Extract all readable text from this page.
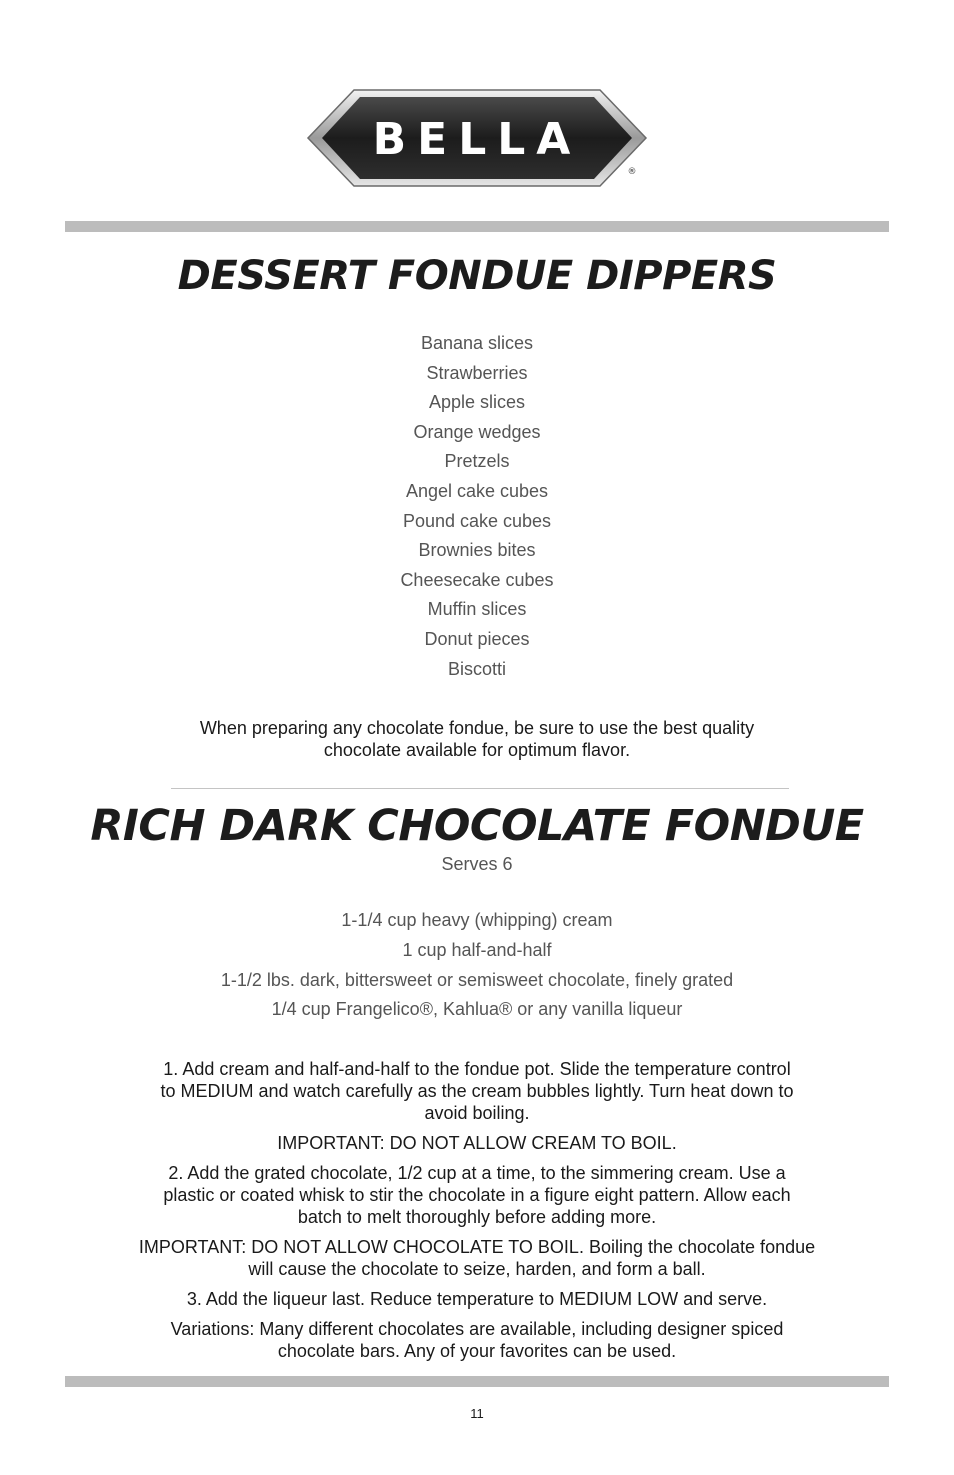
BELLA
®
DESSERT FONDUE DIPPERS
Banana slices
Strawberries
Apple slices
Orange wedges
Pretzels
Angel cake cubes
Pound cake cubes
Brownies bites
Cheesecake cubes
Muffin slices
Donut pieces
Biscotti

When preparing any chocolate fondue, be sure to use the best quality chocolate available for optimum flavor.

RICH DARK CHOCOLATE FONDUE

Serves 6

1-1/4 cup heavy (whipping) cream
1 cup half-and-half
1-1/2 lbs. dark, bittersweet or semisweet chocolate, finely grated
1/4 cup Frangelico®, Kahlua® or any vanilla liqueur

1. Add cream and half-and-half to the fondue pot. Slide the temperature control to MEDIUM and watch carefully as the cream bubbles lightly. Turn heat down to avoid boiling.

IMPORTANT: DO NOT ALLOW CREAM TO BOIL.

2. Add the grated chocolate, 1/2 cup at a time, to the simmering cream. Use a plastic or coated whisk to stir the chocolate in a figure eight pattern. Allow each batch to melt thoroughly before adding more.

IMPORTANT: DO NOT ALLOW CHOCOLATE TO BOIL. Boiling the chocolate fondue will cause the chocolate to seize, harden, and form a ball.

3. Add the liqueur last. Reduce temperature to MEDIUM LOW and serve.

Variations: Many different chocolates are available, including designer spiced chocolate bars. Any of your favorites can be used.

11
